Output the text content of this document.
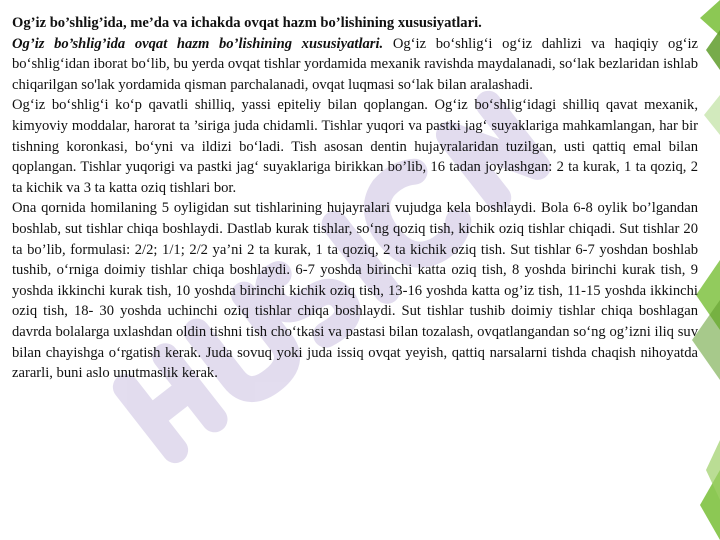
Og’iz bo’shlig’ida, me’da va ichakda ovqat hazm bo’lishining xususiyatlari.

Og’iz bo’shlig’ida ovqat hazm bo’lishining xususiyatlari. Og‘iz bo‘shlig‘i og‘iz dahlizi va haqiqiy og‘iz bo‘shlig‘idan iborat bo‘lib, bu yerda ovqat tishlar yordamida mexanik ravishda maydalanadi, so‘lak bezlaridan ishlab chiqarilgan so'lak yordamida qisman parchalanadi, ovqat luqmasi so‘lak bilan aralashadi.

Og‘iz bo‘shlig‘i ko‘p qavatli shilliq, yassi epiteliy bilan qoplangan. Og‘iz bo‘shlig‘idagi shilliq qavat mexanik, kimyoviy moddalar, harorat ta ’siriga juda chidamli. Tishlar yuqori va pastki jag‘ suyaklariga mahkamlangan, har bir tishning koronkasi, bo‘yni va ildizi bo‘ladi. Tish asosan dentin hujayralaridan tuzilgan, usti qattiq emal bilan qoplangan. Tishlar yuqorigi va pastki jag‘ suyaklariga birikkan bo’lib, 16 tadan joylashgan: 2 ta kurak, 1 ta qoziq, 2 ta kichik va 3 ta katta oziq tishlari bor.

Ona qornida homilaning 5 oyligidan sut tishlarining hujayralari vujudga kela boshlaydi. Bola 6-8 oylik bo’lgandan boshlab, sut tishlar chiqa boshlaydi. Dastlab kurak tishlar, so‘ng qoziq tish, kichik oziq tishlar chiqadi. Sut tishlar 20 ta bo’lib, formulasi: 2/2; 1/1; 2/2 ya’ni 2 ta kurak, 1 ta qoziq, 2 ta kichik oziq tish. Sut tishlar 6-7 yoshdan boshlab tushib, o‘rniga doimiy tishlar chiqa boshlaydi. 6-7 yoshda birinchi katta oziq tish, 8 yoshda birinchi kurak tish, 9 yoshda ikkinchi kurak tish, 10 yoshda birinchi kichik oziq tish, 13-16 yoshda katta og’iz tish, 11-15 yoshda ikkinchi oziq tish, 18- 30 yoshda uchinchi oziq tishlar chiqa boshlaydi. Sut tishlar tushib doimiy tishlar chiqa boshlagan davrda bolalarga uxlashdan oldin tishni tish cho‘tkasi va pastasi bilan tozalash, ovqatlangandan so‘ng og’izni iliq suv bilan chayishga o‘rgatish kerak. Juda sovuq yoki juda issiq ovqat yeyish, qattiq narsalarni tishda chaqish nihoyatda zararli, buni aslo unutmaslik kerak.
